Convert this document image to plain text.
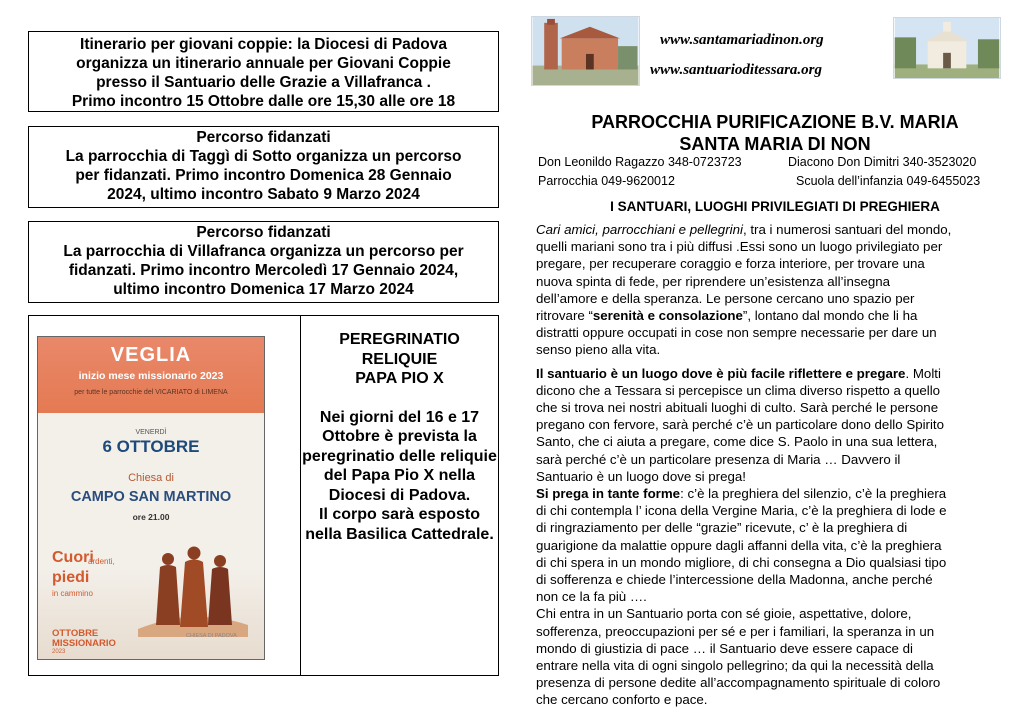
Itinerario per giovani coppie: la Diocesi di Padova
organizza un itinerario annuale per Giovani Coppie
presso il Santuario delle Grazie a Villafranca .
Primo incontro 15 Ottobre dalle ore 15,30 alle ore 18
Percorso fidanzati
La parrocchia di Taggì di Sotto organizza un percorso
per fidanzati. Primo incontro Domenica 28 Gennaio
2024, ultimo incontro Sabato 9 Marzo 2024
Percorso fidanzati
La parrocchia di Villafranca organizza un percorso per
fidanzati. Primo incontro Mercoledì 17 Gennaio 2024,
ultimo incontro Domenica 17 Marzo 2024
VEGLIA
inizio mese missionario 2023
per tutte le parrocchie del VICARIATO di LIMENA
VENERDÌ
6 OTTOBRE
Chiesa di
CAMPO SAN MARTINO
ore 21.00
Cuori
ardenti,
piedi
in cammino
OTTOBRE
MISSIONARIO
2023
CHIESA DI PADOVA
PEREGRINATIO
RELIQUIE
PAPA PIO X
Nei giorni del 16 e 17
Ottobre è prevista la
peregrinatio delle reliquie
del Papa Pio X nella
Diocesi di Padova.
Il corpo sarà esposto
nella Basilica Cattedrale.
www.santamariadinon.org
www.santuarioditessara.org
PARROCCHIA PURIFICAZIONE B.V. MARIA
SANTA MARIA DI NON
Don Leonildo Ragazzo 348-0723723	Diacono Don Dimitri 340-3523020
Parrocchia 049-9620012	Scuola dell’infanzia 049-6455023
I SANTUARI, LUOGHI PRIVILEGIATI DI PREGHIERA
Cari amici, parrocchiani e pellegrini, tra i numerosi santuari del mondo,
quelli mariani sono tra i più diffusi .Essi sono un luogo privilegiato per
pregare, per recuperare coraggio e forza interiore, per trovare una
nuova spinta di fede, per riprendere un’esistenza all’insegna
dell’amore e della speranza. Le persone cercano uno spazio per
ritrovare “serenità e consolazione”, lontano dal mondo che li ha
distratti oppure occupati in cose non sempre necessarie per dare un
senso pieno alla vita.
Il santuario è un luogo dove è più facile riflettere e pregare. Molti
dicono che a Tessara si percepisce un clima diverso rispetto a quello
che si trova nei nostri abituali luoghi di culto. Sarà perché le persone
pregano con fervore, sarà perché c’è un particolare dono dello Spirito
Santo, che ci aiuta a pregare, come dice S. Paolo in una sua lettera,
sarà perché c’è un particolare presenza di Maria … Davvero il
Santuario è un luogo dove si prega!
Si prega in tante forme: c’è la preghiera del silenzio, c’è la preghiera
di chi contempla l’ icona della Vergine Maria, c’è la preghiera di lode e
di ringraziamento per delle “grazie” ricevute, c’ è la preghiera di
guarigione da malattie oppure dagli affanni della vita, c’è la preghiera
di chi spera in un mondo migliore, di chi consegna a Dio qualsiasi tipo
di sofferenza e chiede l’intercessione della Madonna, anche perché
non ce la fa più ….
Chi entra in un Santuario porta con sé gioie, aspettative, dolore,
sofferenza, preoccupazioni per sé e per i familiari, la speranza in un
mondo di giustizia di pace … il Santuario deve essere capace di
entrare nella vita di ogni singolo pellegrino; da qui la necessità della
presenza di persone dedite all’accompagnamento spirituale di coloro
che cercano conforto e pace.
